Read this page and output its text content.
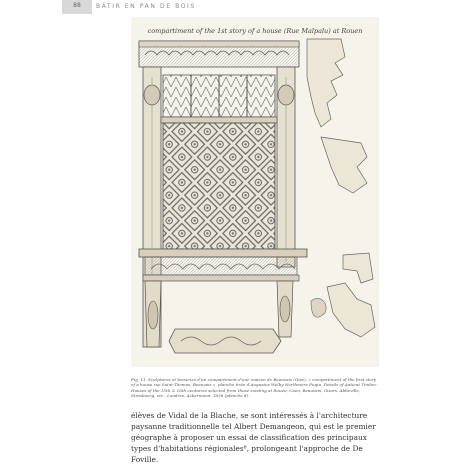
88	BÂTIR EN PAN DE BOIS
compartiment of the 1st story of a house (Rue Malpalu) at Rouen
Fig. 11. Sculptures et boiseries d'un compartiment d'une maison de Beauvais (Oise), « compartiment of the first story of a house rue Saint-Thomas, Beauvais », planche tirée d'Augustus Welby Northmore Pugin, Details of Antient Timber Houses of the 15th & 16th centuries selected from those existing at Rouen, Caen, Beauvais, Gisors, Abbeville, Strasbourg, etc., Londres, Ackermann, 1836 (planche 8).
élèves de Vidal de la Blache, se sont intéressés à l'architecture paysanne traditionnelle tel Albert Demangeon, qui est le premier géographe à proposer un essai de classification des principaux types d'habitations régionales⁸, prolongeant l'approche de De Foville.
